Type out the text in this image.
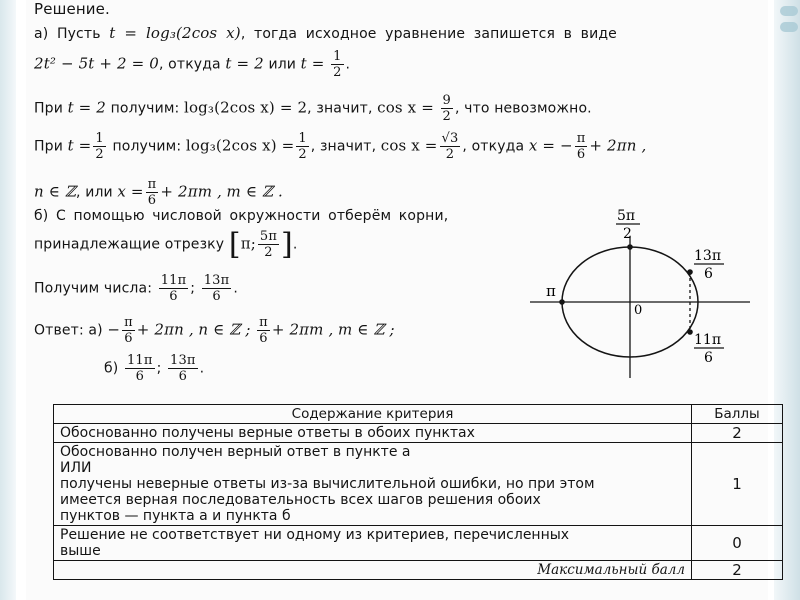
Решение.
а) Пусть t = log₃(2cos x), тогда исходное уравнение запишется в виде
2t² − 5t + 2 = 0, откуда t = 2 или $t = \frac{1}{2}$ .
При t = 2 получим: log₃(2cos x) = 2, значит, $\cos x = \frac{9}{2}$ , что невозможно.
При $t = \frac{1}{2}$ получим: log₃(2cos $x) = \frac{1}{2}$ , значит, $\cos x = \frac{√3}{2}$ , откуда x = − $\frac{\pi}{6} + 2\pi n$ ,
n ∈ ℤ, или $x = \frac{\pi}{6} + 2\pi m$ , m ∈ ℤ .
б) С помощью числовой окружности отберём корни,
принадлежащие отрезку [π; $\frac{5\pi}{2}$ ].
Получим числа: $\frac{11\pi}{6}$ ; $\frac{13\pi}{6}$ .
Ответ: $а) - \frac{\pi}{6} + 2\pi n$ , n ∈ ℤ ; $\frac{\pi}{6} + 2\pi m$ , m ∈ ℤ ;
$б) \frac{11\pi}{6}$ ; $\frac{13\pi}{6}$ .
5π
2
π
0
13π
6
11π
6
Содержание критерия	Баллы
Обоснованно получены верные ответы в обоих пунктах	2

Обоснованно получен верный ответ в пункте а
ИЛИ
получены неверные ответы из-за вычислительной ошибки, но при этом
имеется верная последовательность всех шагов решения обоих
пунктов — пункта а и пункта б	1

Решение не соответствует ни одному из критериев, перечисленных
выше	0
Максимальный балл	2
